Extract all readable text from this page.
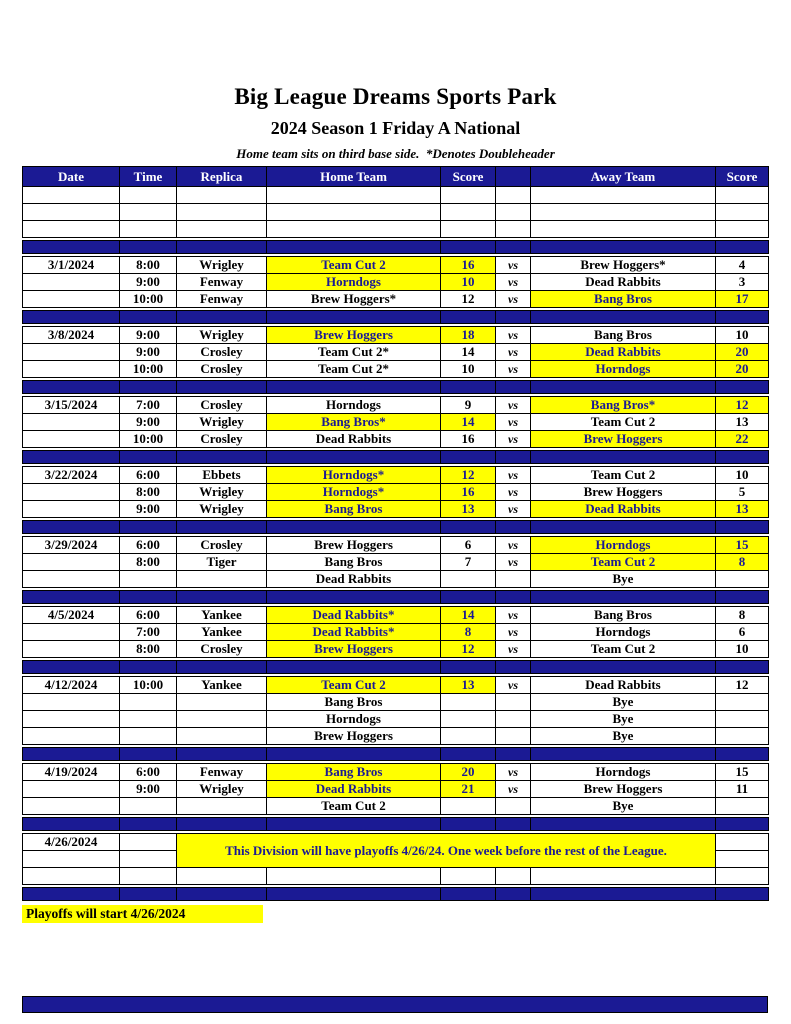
Big League Dreams Sports Park
2024 Season 1 Friday A National
Home team sits on third base side.  *Denotes Doubleheader
Date	Time	Replica	Home Team	Score		Away Team	Score

3/1/2024	8:00	Wrigley	Team Cut 2	16	vs	Brew Hoggers*	4
	9:00	Fenway	Horndogs	10	vs	Dead Rabbits	3
	10:00	Fenway	Brew Hoggers*	12	vs	Bang Bros	17

3/8/2024	9:00	Wrigley	Brew Hoggers	18	vs	Bang Bros	10
	9:00	Crosley	Team Cut 2*	14	vs	Dead Rabbits	20
	10:00	Crosley	Team Cut 2*	10	vs	Horndogs	20

3/15/2024	7:00	Crosley	Horndogs	9	vs	Bang Bros*	12
	9:00	Wrigley	Bang Bros*	14	vs	Team Cut 2	13
	10:00	Crosley	Dead Rabbits	16	vs	Brew Hoggers	22

3/22/2024	6:00	Ebbets	Horndogs*	12	vs	Team Cut 2	10
	8:00	Wrigley	Horndogs*	16	vs	Brew Hoggers	5
	9:00	Wrigley	Bang Bros	13	vs	Dead Rabbits	13

3/29/2024	6:00	Crosley	Brew Hoggers	6	vs	Horndogs	15
	8:00	Tiger	Bang Bros	7	vs	Team Cut 2	8
			Dead Rabbits			Bye	

4/5/2024	6:00	Yankee	Dead Rabbits*	14	vs	Bang Bros	8
	7:00	Yankee	Dead Rabbits*	8	vs	Horndogs	6
	8:00	Crosley	Brew Hoggers	12	vs	Team Cut 2	10

4/12/2024	10:00	Yankee	Team Cut 2	13	vs	Dead Rabbits	12
			Bang Bros			Bye	
			Horndogs			Bye	
			Brew Hoggers			Bye	

4/19/2024	6:00	Fenway	Bang Bros	20	vs	Horndogs	15
	9:00	Wrigley	Dead Rabbits	21	vs	Brew Hoggers	11
			Team Cut 2			Bye	

4/26/2024		This Division will have playoffs 4/26/24. One week before the rest of the League.					

Playoffs will start 4/26/2024
